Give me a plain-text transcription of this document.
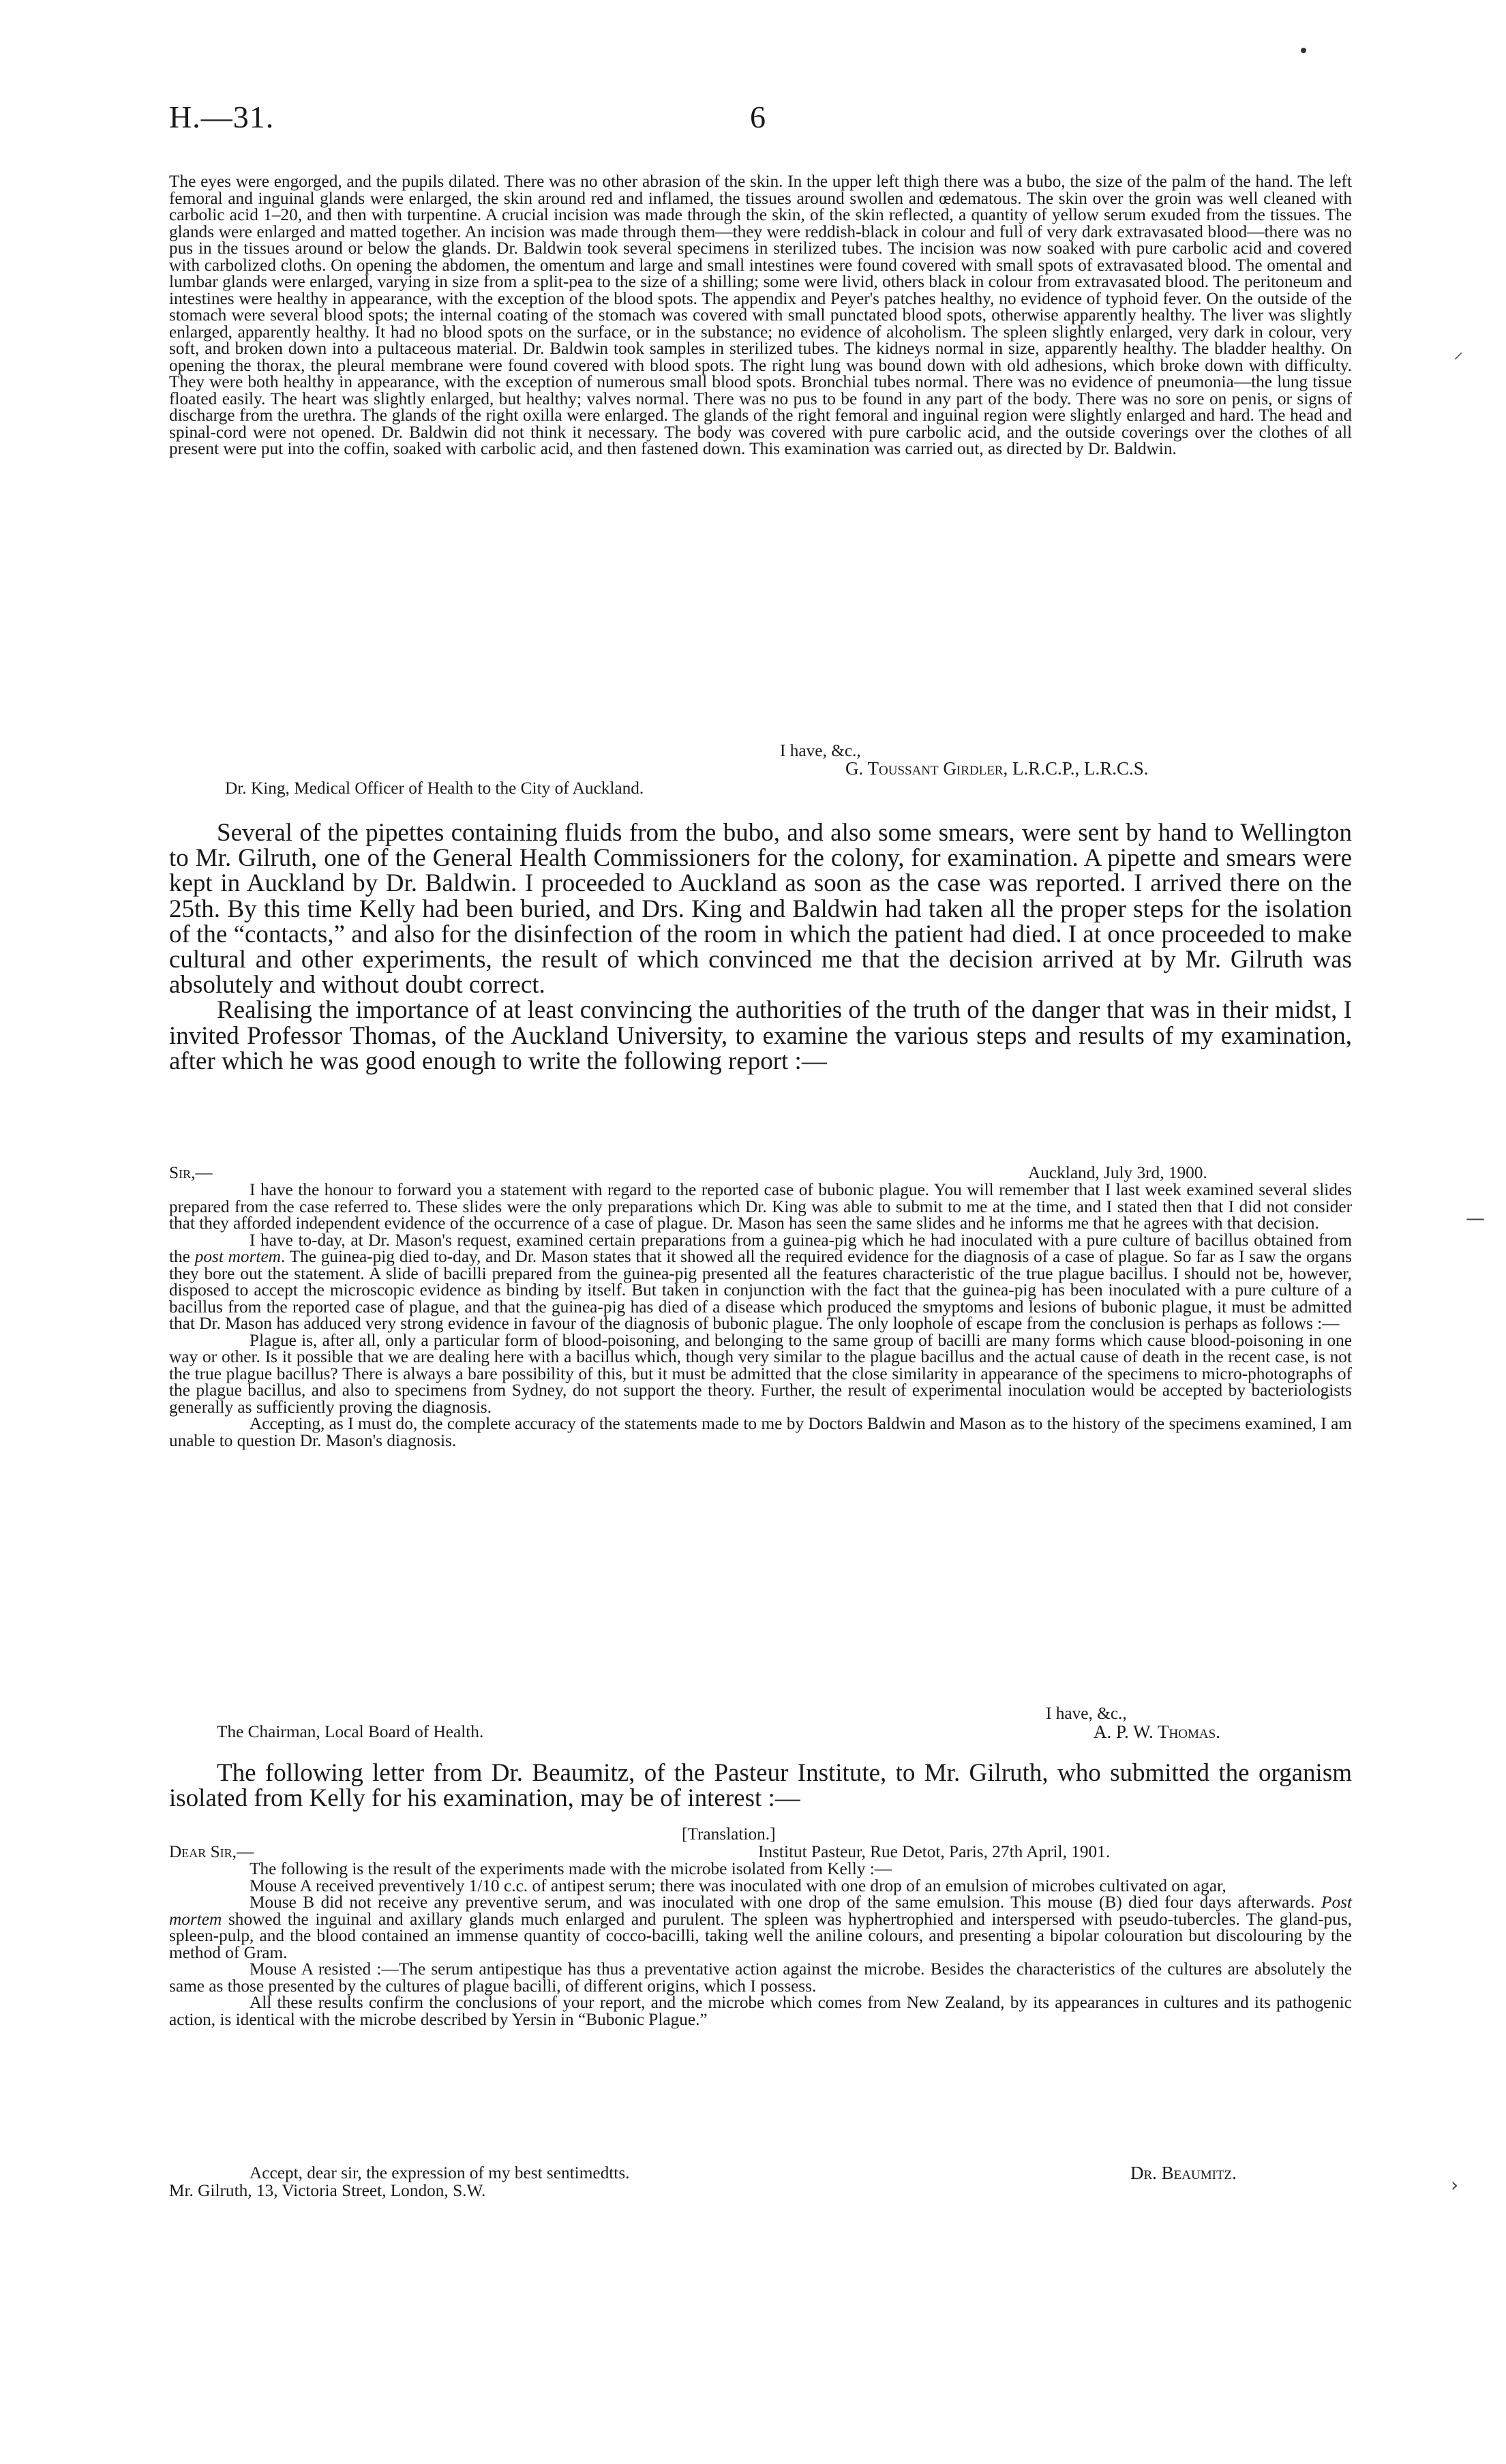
H.—31.	6

The eyes were engorged, and the pupils dilated. There was no other abrasion of the skin. In the upper left thigh there was a bubo, the size of the palm of the hand. The left femoral and inguinal glands were enlarged, the skin around red and inflamed, the tissues around swollen and œdematous. The skin over the groin was well cleaned with carbolic acid 1–20, and then with turpentine. A crucial incision was made through the skin, of the skin reflected, a quantity of yellow serum exuded from the tissues. The glands were enlarged and matted together. An incision was made through them—they were reddish-black in colour and full of very dark extravasated blood—there was no pus in the tissues around or below the glands. Dr. Baldwin took several specimens in sterilized tubes. The incision was now soaked with pure carbolic acid and covered with carbolized cloths. On opening the abdomen, the omentum and large and small intestines were found covered with small spots of extravasated blood. The omental and lumbar glands were enlarged, varying in size from a split-pea to the size of a shilling; some were livid, others black in colour from extravasated blood. The peritoneum and intestines were healthy in appearance, with the exception of the blood spots. The appendix and Peyer's patches healthy, no evidence of typhoid fever. On the outside of the stomach were several blood spots; the internal coating of the stomach was covered with small punctated blood spots, otherwise apparently healthy. The liver was slightly enlarged, apparently healthy. It had no blood spots on the surface, or in the substance; no evidence of alcoholism. The spleen slightly enlarged, very dark in colour, very soft, and broken down into a pultaceous material. Dr. Baldwin took samples in sterilized tubes. The kidneys normal in size, apparently healthy. The bladder healthy. On opening the thorax, the pleural membrane were found covered with blood spots. The right lung was bound down with old adhesions, which broke down with difficulty. They were both healthy in appearance, with the exception of numerous small blood spots. Bronchial tubes normal. There was no evidence of pneumonia—the lung tissue floated easily. The heart was slightly enlarged, but healthy; valves normal. There was no pus to be found in any part of the body. There was no sore on penis, or signs of discharge from the urethra. The glands of the right oxilla were enlarged. The glands of the right femoral and inguinal region were slightly enlarged and hard. The head and spinal-cord were not opened. Dr. Baldwin did not think it necessary. The body was covered with pure carbolic acid, and the outside coverings over the clothes of all present were put into the coffin, soaked with carbolic acid, and then fastened down. This examination was carried out, as directed by Dr. Baldwin.

I have, &c.,
G. Toussant Girdler, L.R.C.P., L.R.C.S.
Dr. King, Medical Officer of Health to the City of Auckland.

Several of the pipettes containing fluids from the bubo, and also some smears, were sent by hand to Wellington to Mr. Gilruth, one of the General Health Commissioners for the colony, for examination. A pipette and smears were kept in Auckland by Dr. Baldwin. I proceeded to Auckland as soon as the case was reported. I arrived there on the 25th. By this time Kelly had been buried, and Drs. King and Baldwin had taken all the proper steps for the isolation of the “contacts,” and also for the disinfection of the room in which the patient had died. I at once proceeded to make cultural and other experiments, the result of which convinced me that the decision arrived at by Mr. Gilruth was absolutely and without doubt correct.

Realising the importance of at least convincing the authorities of the truth of the danger that was in their midst, I invited Professor Thomas, of the Auckland University, to examine the various steps and results of my examination, after which he was good enough to write the following report :—

Sir,—	Auckland, July 3rd, 1900.

I have the honour to forward you a statement with regard to the reported case of bubonic plague. You will remember that I last week examined several slides prepared from the case referred to. These slides were the only preparations which Dr. King was able to submit to me at the time, and I stated then that I did not consider that they afforded independent evidence of the occurrence of a case of plague. Dr. Mason has seen the same slides and he informs me that he agrees with that decision.

I have to-day, at Dr. Mason's request, examined certain preparations from a guinea-pig which he had inoculated with a pure culture of bacillus obtained from the post mortem. The guinea-pig died to-day, and Dr. Mason states that it showed all the required evidence for the diagnosis of a case of plague. So far as I saw the organs they bore out the statement. A slide of bacilli prepared from the guinea-pig presented all the features characteristic of the true plague bacillus. I should not be, however, disposed to accept the microscopic evidence as binding by itself. But taken in conjunction with the fact that the guinea-pig has been inoculated with a pure culture of a bacillus from the reported case of plague, and that the guinea-pig has died of a disease which produced the smyptoms and lesions of bubonic plague, it must be admitted that Dr. Mason has adduced very strong evidence in favour of the diagnosis of bubonic plague. The only loophole of escape from the conclusion is perhaps as follows :—

Plague is, after all, only a particular form of blood-poisoning, and belonging to the same group of bacilli are many forms which cause blood-poisoning in one way or other. Is it possible that we are dealing here with a bacillus which, though very similar to the plague bacillus and the actual cause of death in the recent case, is not the true plague bacillus? There is always a bare possibility of this, but it must be admitted that the close similarity in appearance of the specimens to micro-photographs of the plague bacillus, and also to specimens from Sydney, do not support the theory. Further, the result of experimental inoculation would be accepted by bacteriologists generally as sufficiently proving the diagnosis.

Accepting, as I must do, the complete accuracy of the statements made to me by Doctors Baldwin and Mason as to the history of the specimens examined, I am unable to question Dr. Mason's diagnosis.

I have, &c.,
The Chairman, Local Board of Health.	A. P. W. Thomas.

The following letter from Dr. Beaumitz, of the Pasteur Institute, to Mr. Gilruth, who submitted the organism isolated from Kelly for his examination, may be of interest :—

[Translation.]
Dear Sir,—	Institut Pasteur, Rue Detot, Paris, 27th April, 1901.

The following is the result of the experiments made with the microbe isolated from Kelly :—

Mouse A received preventively 1/10 c.c. of antipest serum; there was inoculated with one drop of an emulsion of microbes cultivated on agar,

Mouse B did not receive any preventive serum, and was inoculated with one drop of the same emulsion. This mouse (B) died four days afterwards. Post mortem showed the inguinal and axillary glands much enlarged and purulent. The spleen was hyphertrophied and interspersed with pseudo-tubercles. The gland-pus, spleen-pulp, and the blood contained an immense quantity of cocco-bacilli, taking well the aniline colours, and presenting a bipolar colouration but discolouring by the method of Gram.

Mouse A resisted :—The serum antipestique has thus a preventative action against the microbe. Besides the characteristics of the cultures are absolutely the same as those presented by the cultures of plague bacilli, of different origins, which I possess.

All these results confirm the conclusions of your report, and the microbe which comes from New Zealand, by its appearances in cultures and its pathogenic action, is identical with the microbe described by Yersin in “Bubonic Plague.”

Accept, dear sir, the expression of my best sentimedtts.	Dr. Beaumitz.
Mr. Gilruth, 13, Victoria Street, London, S.W.
⸍
—
›
